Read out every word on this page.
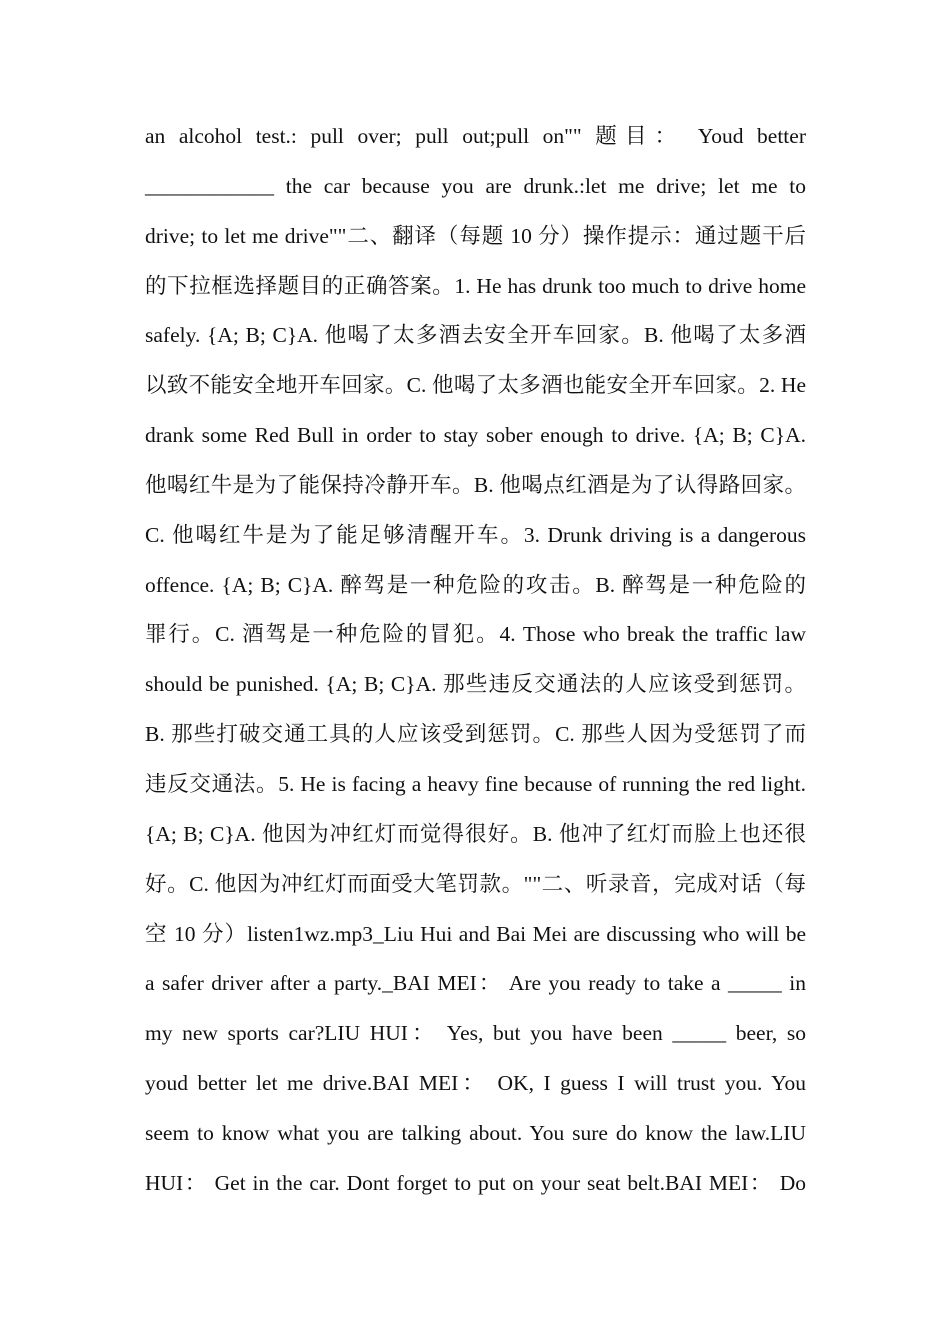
an alcohol test.: pull over; pull out;pull on"" 题目： Youd better
____________ the car because you are drunk.:let me drive; let me to
drive; to let me drive""二、翻译（每题 10 分）操作提示：通过题干后
的下拉框选择题目的正确答案。1. He has drunk too much to drive home
safely. {A; B; C}A. 他喝了太多酒去安全开车回家。B. 他喝了太多酒
以致不能安全地开车回家。C. 他喝了太多酒也能安全开车回家。2. He
drank some Red Bull in order to stay sober enough to drive. {A; B; C}A.
他喝红牛是为了能保持冷静开车。B. 他喝点红酒是为了认得路回家。
C. 他喝红牛是为了能足够清醒开车。3. Drunk driving is a dangerous
offence. {A; B; C}A. 醉驾是一种危险的攻击。B. 醉驾是一种危险的
罪行。C. 酒驾是一种危险的冒犯。4. Those who break the traffic law
should be punished. {A; B; C}A. 那些违反交通法的人应该受到惩罚。
B. 那些打破交通工具的人应该受到惩罚。C. 那些人因为受惩罚了而
违反交通法。5. He is facing a heavy fine because of running the red light.
{A; B; C}A. 他因为冲红灯而觉得很好。B. 他冲了红灯而脸上也还很
好。C. 他因为冲红灯而面受大笔罚款。""二、听录音，完成对话（每
空 10 分）listen1wz.mp3_Liu Hui and Bai Mei are discussing who will be
a safer driver after a party._BAI MEI： Are you ready to take a _____ in
my new sports car?LIU HUI： Yes, but you have been _____ beer, so
youd better let me drive.BAI MEI： OK, I guess I will trust you. You
seem to know what you are talking about. You sure do know the law.LIU
HUI： Get in the car. Dont forget to put on your seat belt.BAI MEI： Do
